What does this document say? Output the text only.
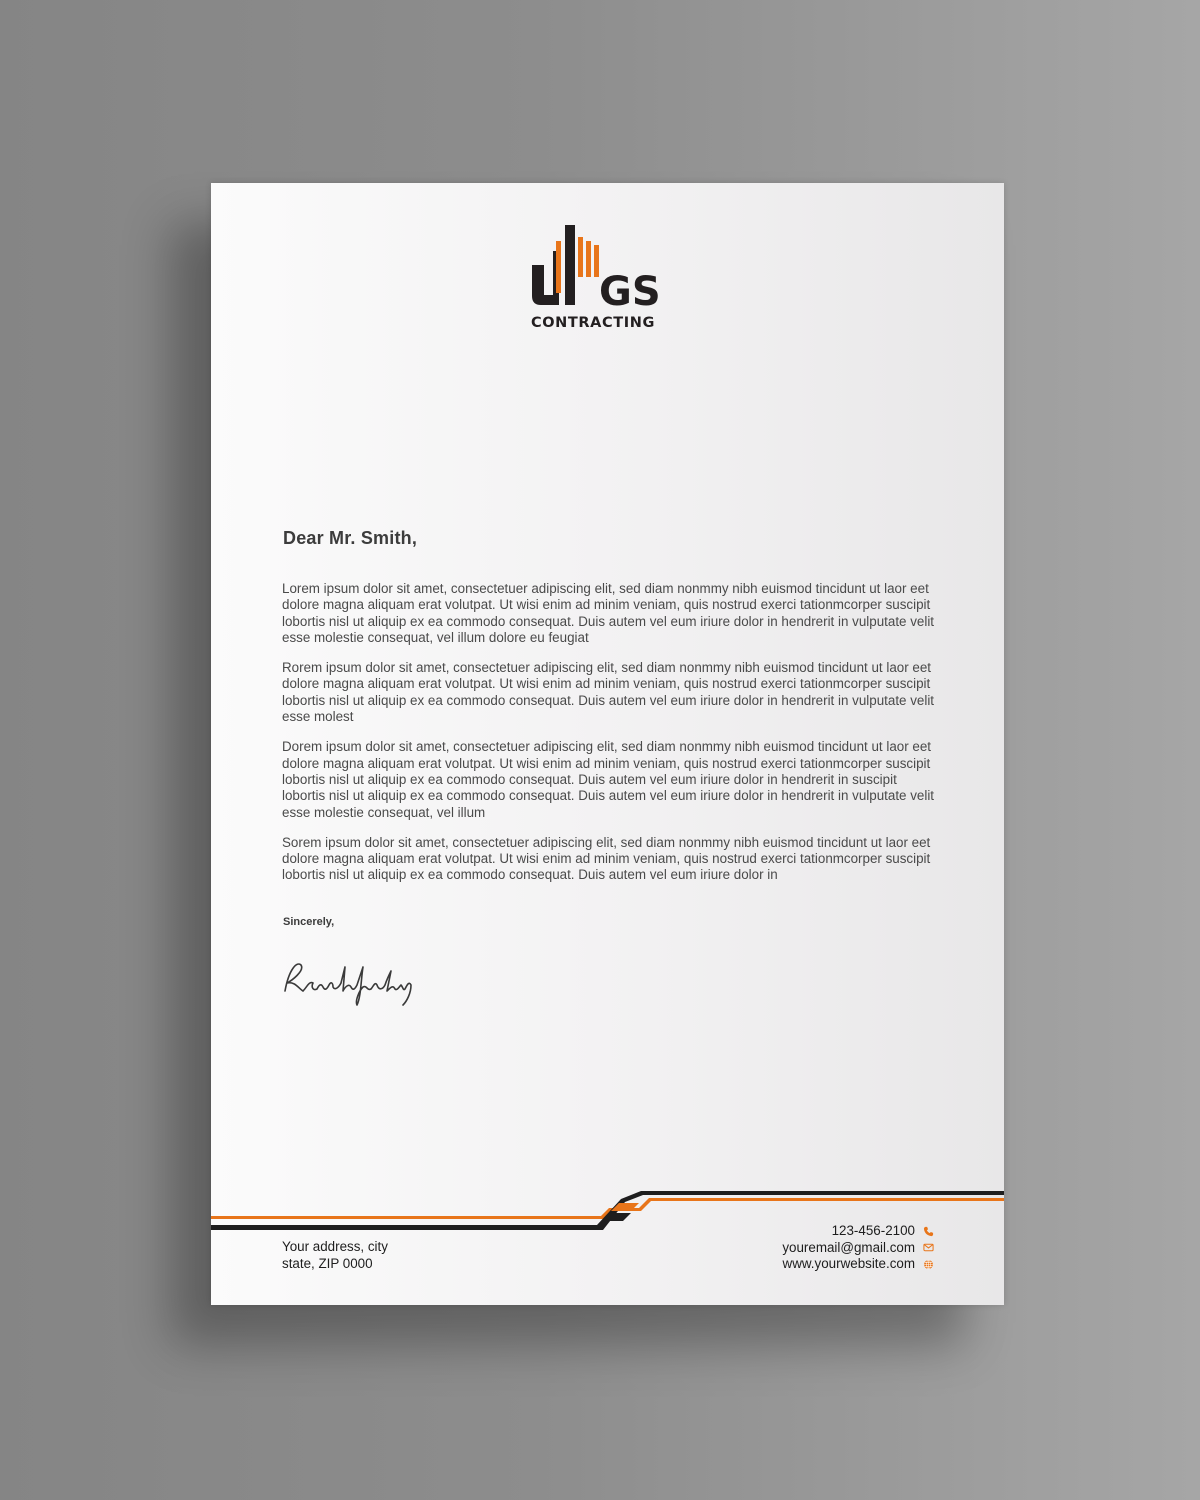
GS
CONTRACTING
Dear Mr. Smith,

Lorem ipsum dolor sit amet, consectetuer adipiscing elit, sed diam nonmmy nibh euismod tincidunt ut laor eet dolore magna aliquam erat volutpat. Ut wisi enim ad minim veniam, quis nostrud exerci tationmcorper suscipit lobortis nisl ut aliquip ex ea commodo consequat. Duis autem vel eum iriure dolor in hendrerit in vulputate velit esse molestie consequat, vel illum dolore eu feugiat

Rorem ipsum dolor sit amet, consectetuer adipiscing elit, sed diam nonmmy nibh euismod tincidunt ut laor eet dolore magna aliquam erat volutpat. Ut wisi enim ad minim veniam, quis nostrud exerci tationmcorper suscipit lobortis nisl ut aliquip ex ea commodo consequat. Duis autem vel eum iriure dolor in hendrerit in vulputate velit esse molest

Dorem ipsum dolor sit amet, consectetuer adipiscing elit, sed diam nonmmy nibh euismod tincidunt ut laor eet dolore magna aliquam erat volutpat. Ut wisi enim ad minim veniam, quis nostrud exerci tationmcorper suscipit lobortis nisl ut aliquip ex ea commodo consequat. Duis autem vel eum iriure dolor in hendrerit in suscipit lobortis nisl ut aliquip ex ea commodo consequat. Duis autem vel eum iriure dolor in hendrerit in vulputate velit esse molestie consequat, vel illum

Sorem ipsum dolor sit amet, consectetuer adipiscing elit, sed diam nonmmy nibh euismod tincidunt ut laor eet dolore magna aliquam erat volutpat. Ut wisi enim ad minim veniam, quis nostrud exerci tationmcorper suscipit lobortis nisl ut aliquip ex ea commodo consequat. Duis autem vel eum iriure dolor in

Sincerely,
Your address, city
state, ZIP 0000
123-456-2100
youremail@gmail.com
www.yourwebsite.com
